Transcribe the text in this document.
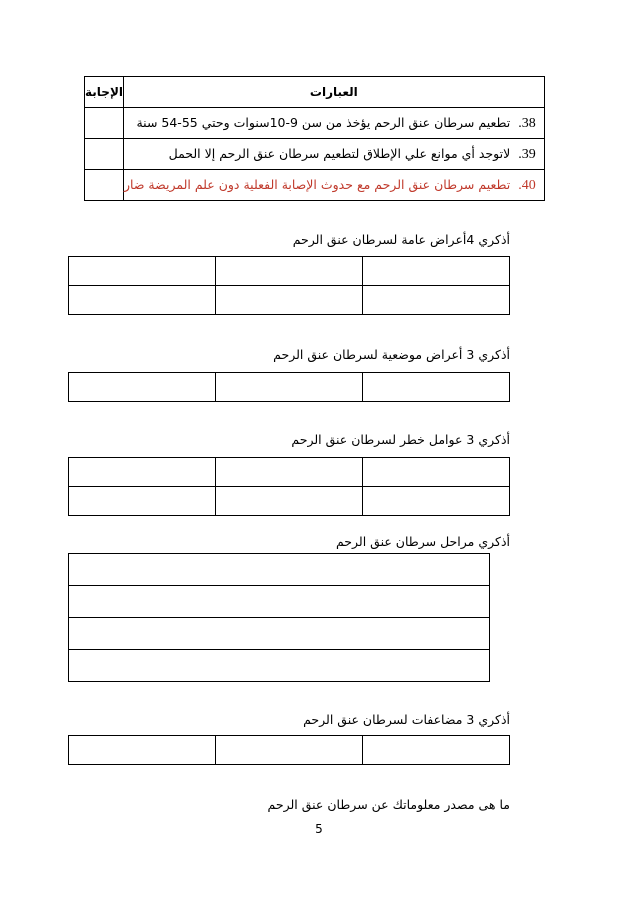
الإجابة	العبارات
	38.تطعيم سرطان عنق الرحم يؤخذ من سن 9-10سنوات وحتي 55-54 سنة
	39.لاتوجد أي موانع علي الإطلاق لتطعيم سرطان عنق الرحم إلا الحمل
	40.تطعيم سرطان عنق الرحم مع حدوث الإصابة الفعلية دون علم المريضة ضار
أذكري 4أعراض عامة لسرطان عنق الرحم

أذكري 3 أعراض موضعية لسرطان عنق الرحم

أذكري 3 عوامل خطر لسرطان عنق الرحم

أذكري مراحل سرطان عنق الرحم

أذكري 3 مضاعفات لسرطان عنق الرحم

ما هى مصدر معلوماتك عن سرطان عنق الرحم
5
